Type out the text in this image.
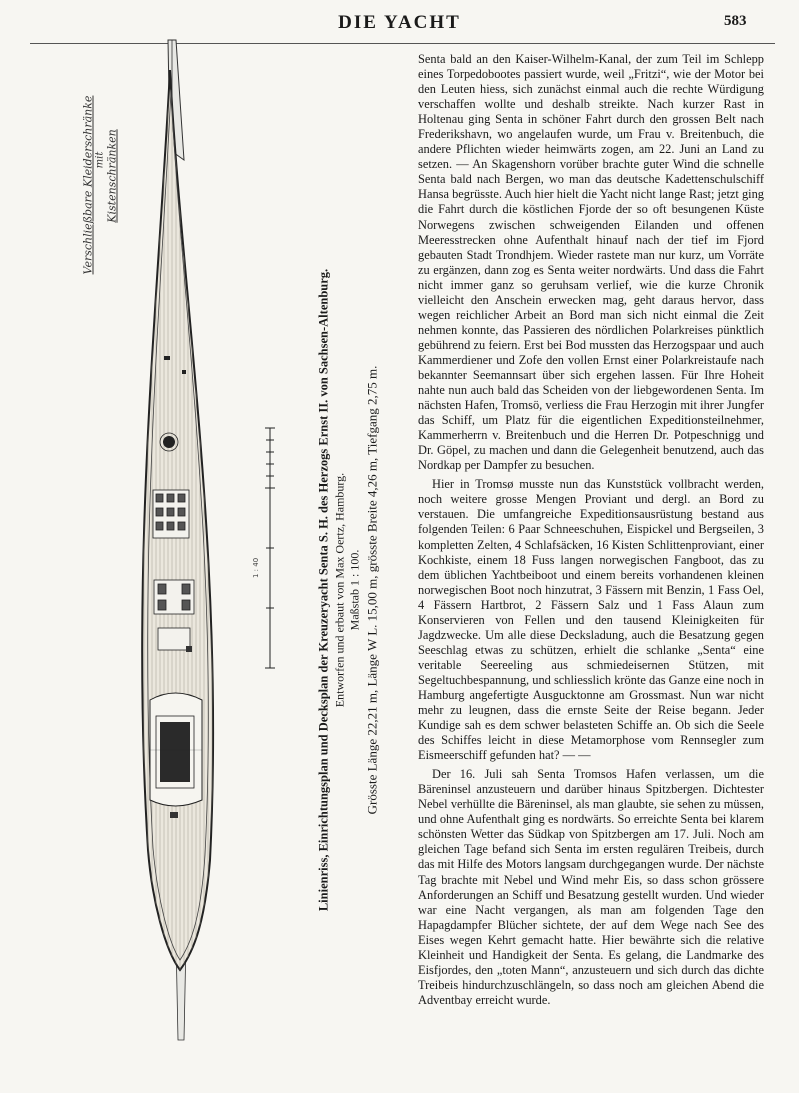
DIE YACHT	583
1 : 40
Verschließbare Kleiderschränke mit Kistenschränken
Linienriss, Einrichtungsplan und Decksplan der Kreuzeryacht Senta S. H. des Herzogs Ernst II. von Sachsen-Altenburg. Entworfen und erbaut von Max Oertz, Hamburg. Maßstab 1 : 100. Grösste Länge 22,21 m, Länge W L. 15,00 m, grösste Breite 4,26 m, Tiefgang 2,75 m.

Senta bald an den Kaiser-Wilhelm-Kanal, der zum Teil im Schlepp eines Torpedobootes passiert wurde, weil „Fritzi“, wie der Motor bei den Leuten hiess, sich zunächst einmal auch die rechte Würdigung verschaffen wollte und deshalb streikte. Nach kurzer Rast in Holtenau ging Senta in schöner Fahrt durch den grossen Belt nach Frederikshavn, wo angelaufen wurde, um Frau v. Breitenbuch, die andere Pflichten wieder heimwärts zogen, am 22. Juni an Land zu setzen. — An Skagenshorn vorüber brachte guter Wind die schnelle Senta bald nach Bergen, wo man das deutsche Kadettenschulschiff Hansa begrüsste. Auch hier hielt die Yacht nicht lange Rast; jetzt ging die Fahrt durch die köstlichen Fjorde der so oft besungenen Küste Norwegens zwischen schweigenden Eilanden und offenen Meeresstrecken ohne Aufenthalt hinauf nach der tief im Fjord gebauten Stadt Trondhjem. Wieder rastete man nur kurz, um Vorräte zu ergänzen, dann zog es Senta weiter nordwärts. Und dass die Fahrt nicht immer ganz so geruhsam verlief, wie die kurze Chronik vielleicht den Anschein erwecken mag, geht daraus hervor, dass wegen reichlicher Arbeit an Bord man sich nicht einmal die Zeit nehmen konnte, das Passieren des nördlichen Polarkreises pünktlich gebührend zu feiern. Erst bei Bod mussten das Herzogspaar und auch Kammerdiener und Zofe den vollen Ernst einer Polarkreistaufe nach bekannter Seemannsart über sich ergehen lassen. Für Ihre Hoheit nahte nun auch bald das Scheiden von der liebgewordenen Senta. Im nächsten Hafen, Tromsö, verliess die Frau Herzogin mit ihrer Jungfer das Schiff, um Platz für die eigentlichen Expeditionsteilnehmer, Kammerherrn v. Breitenbuch und die Herren Dr. Potpeschnigg und Dr. Göpel, zu machen und dann die Gelegenheit benutzend, auch das Nordkap per Dampfer zu besuchen.

Hier in Tromsø musste nun das Kunststück vollbracht werden, noch weitere grosse Mengen Proviant und dergl. an Bord zu verstauen. Die umfangreiche Expeditionsausrüstung bestand aus folgenden Teilen: 6 Paar Schneeschuhen, Eispickel und Bergseilen, 3 kompletten Zelten, 4 Schlafsäcken, 16 Kisten Schlittenproviant, einer Kochkiste, einem 18 Fuss langen norwegischen Fangboot, das zu dem üblichen Yachtbeiboot und einem bereits vorhandenen kleinen norwegischen Boot noch hinzutrat, 3 Fässern mit Benzin, 1 Fass Oel, 4 Fässern Hartbrot, 2 Fässern Salz und 1 Fass Alaun zum Konservieren von Fellen und den tausend Kleinigkeiten für Jagdzwecke. Um alle diese Decksladung, auch die Besatzung gegen Seeschlag etwas zu schützen, erhielt die schlanke „Senta“ eine veritable Seereeling aus schmiedeisernen Stützen, mit Segeltuchbespannung, und schliesslich krönte das Ganze eine noch in Hamburg angefertigte Ausgucktonne am Grossmast. Nun war nicht mehr zu leugnen, dass die ernste Seite der Reise begann. Jeder Kundige sah es dem schwer belasteten Schiffe an. Ob sich die Seele des Schiffes leicht in diese Metamorphose vom Rennsegler zum Eismeerschiff gefunden hat? — —

Der 16. Juli sah Senta Tromsos Hafen verlassen, um die Bäreninsel anzusteuern und darüber hinaus Spitzbergen. Dichtester Nebel verhüllte die Bäreninsel, als man glaubte, sie sehen zu müssen, und ohne Aufenthalt ging es nordwärts. So erreichte Senta bei klarem schönsten Wetter das Südkap von Spitzbergen am 17. Juli. Noch am gleichen Tage befand sich Senta im ersten regulären Treibeis, durch das mit Hilfe des Motors langsam durchgegangen wurde. Der nächste Tag brachte mit Nebel und Wind mehr Eis, so dass schon grössere Anforderungen an Schiff und Besatzung gestellt wurden. Und wieder war eine Nacht vergangen, als man am folgenden Tage den Hapagdampfer Blücher sichtete, der auf dem Wege nach See des Eises wegen Kehrt gemacht hatte. Hier bewährte sich die relative Kleinheit und Handigkeit der Senta. Es gelang, die Landmarke des Eisfjordes, den „toten Mann“, anzusteuern und sich durch das dichte Treibeis hindurchzuschlängeln, so dass noch am gleichen Abend die Adventbay erreicht wurde.
